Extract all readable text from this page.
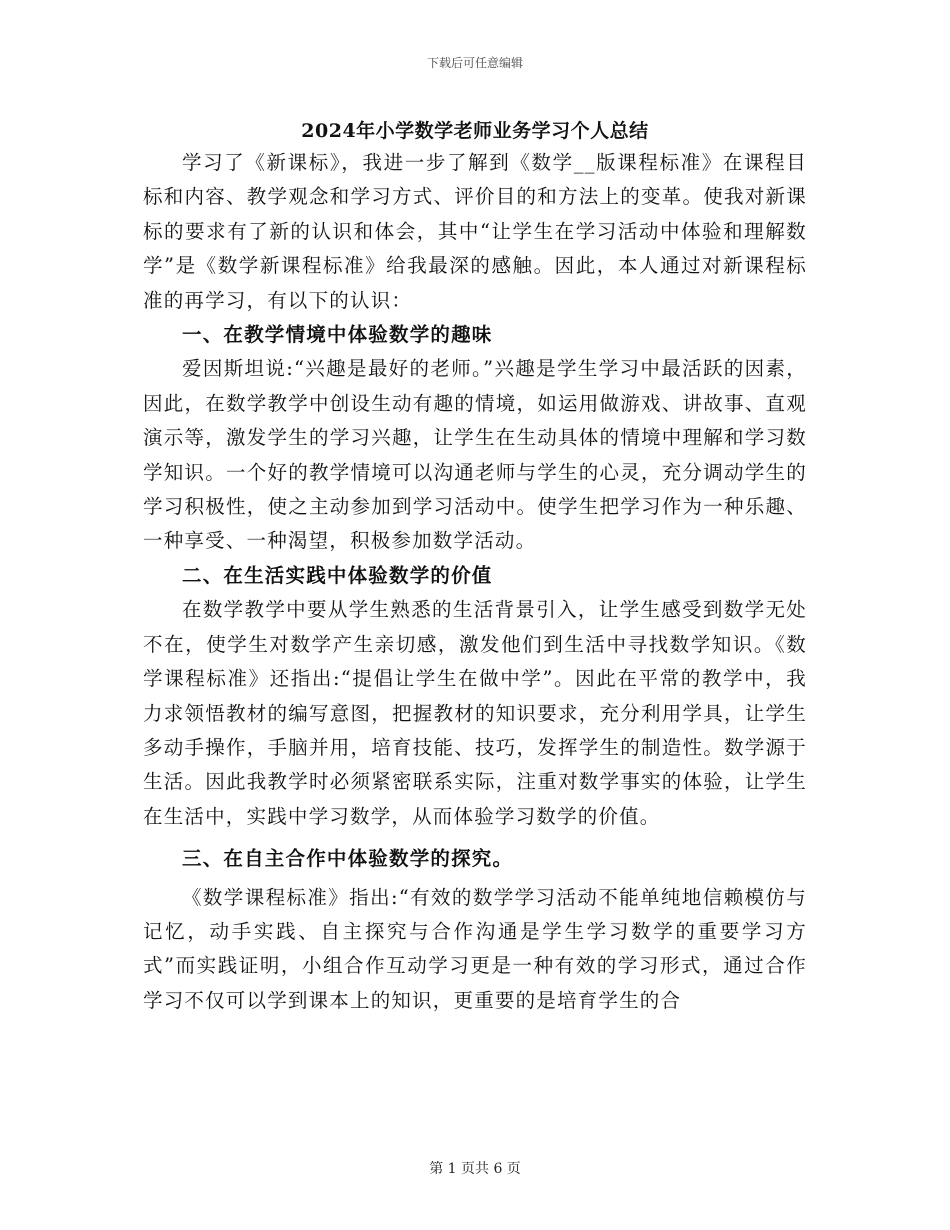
下载后可任意编辑
2024年小学数学老师业务学习个人总结

学习了《新课标》，我进一步了解到《数学__版课程标准》在课程目标和内容、教学观念和学习方式、评价目的和方法上的变革。使我对新课标的要求有了新的认识和体会，其中“让学生在学习活动中体验和理解数学”是《数学新课程标准》给我最深的感触。因此，本人通过对新课程标准的再学习，有以下的认识：

一、在教学情境中体验数学的趣味

爱因斯坦说:“兴趣是最好的老师。”兴趣是学生学习中最活跃的因素，因此，在数学教学中创设生动有趣的情境，如运用做游戏、讲故事、直观演示等，激发学生的学习兴趣，让学生在生动具体的情境中理解和学习数学知识。一个好的教学情境可以沟通老师与学生的心灵，充分调动学生的学习积极性，使之主动参加到学习活动中。使学生把学习作为一种乐趣、一种享受、一种渴望，积极参加数学活动。

二、在生活实践中体验数学的价值

在数学教学中要从学生熟悉的生活背景引入，让学生感受到数学无处不在，使学生对数学产生亲切感，激发他们到生活中寻找数学知识。《数学课程标准》还指出:“提倡让学生在做中学”。因此在平常的教学中，我力求领悟教材的编写意图，把握教材的知识要求，充分利用学具，让学生多动手操作，手脑并用，培育技能、技巧，发挥学生的制造性。数学源于生活。因此我教学时必须紧密联系实际，注重对数学事实的体验，让学生在生活中，实践中学习数学，从而体验学习数学的价值。

三、在自主合作中体验数学的探究。

《数学课程标准》指出:“有效的数学学习活动不能单纯地信赖模仿与记忆，动手实践、自主探究与合作沟通是学生学习数学的重要学习方式”而实践证明，小组合作互动学习更是一种有效的学习形式，通过合作学习不仅可以学到课本上的知识，更重要的是培育学生的合

第 1 页共 6 页
